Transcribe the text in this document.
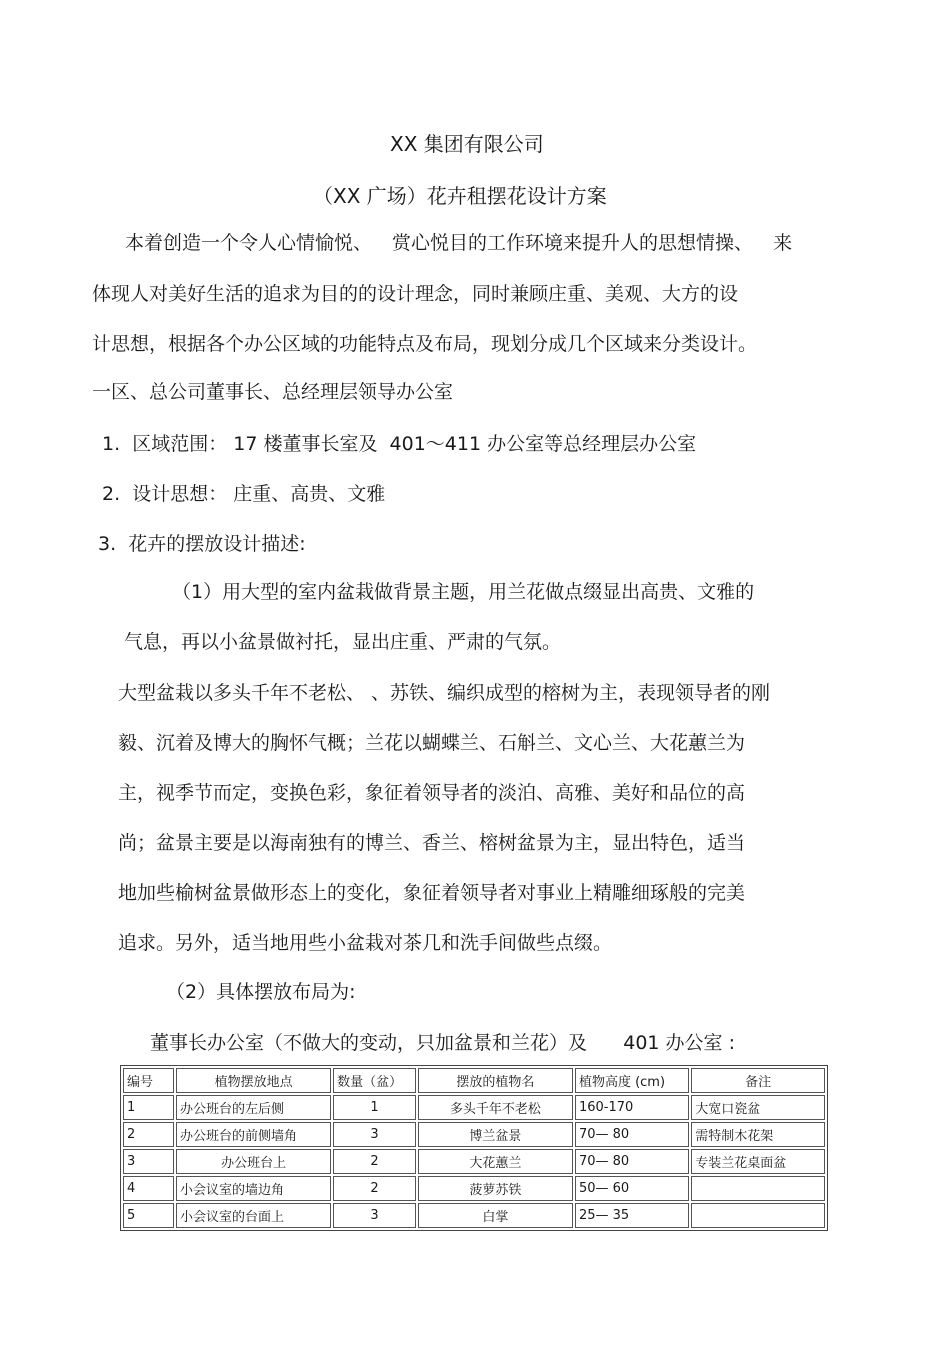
XX 集团有限公司
（XX 广场）花卉租摆花设计方案
本着创造一个令人心情愉悦、 赏心悦目的工作环境来提升人的思想情操、 来
体现人对美好生活的追求为目的的设计理念，同时兼顾庄重、美观、大方的设
计思想，根据各个办公区域的功能特点及布局，现划分成几个区域来分类设计。
一区、总公司董事长、总经理层领导办公室
1.  区域范围： 17 楼董事长室及  401～411 办公室等总经理层办公室
2.  设计思想： 庄重、高贵、文雅
3.  花卉的摆放设计描述:
（1）用大型的室内盆栽做背景主题，用兰花做点缀显出高贵、文雅的
气息，再以小盆景做衬托，显出庄重、严肃的气氛。
大型盆栽以多头千年不老松、 、苏铁、编织成型的榕树为主，表现领导者的刚
毅、沉着及博大的胸怀气概；兰花以蝴蝶兰、石斛兰、文心兰、大花蕙兰为
主，视季节而定，变换色彩，象征着领导者的淡泊、高雅、美好和品位的高
尚；盆景主要是以海南独有的博兰、香兰、榕树盆景为主，显出特色，适当
地加些榆树盆景做形态上的变化，象征着领导者对事业上精雕细琢般的完美
追求。另外，适当地用些小盆栽对茶几和洗手间做些点缀。
（2）具体摆放布局为:
董事长办公室（不做大的变动，只加盆景和兰花）及      401 办公室 :
编号	植物摆放地点	数量（盆）	摆放的植物名	植物高度 (cm)	备注
1	办公班台的左后侧	1	多头千年不老松	160-170	大宽口瓷盆
2	办公班台的前侧墙角	3	博兰盆景	70— 80	需特制木花架
3	办公班台上	2	大花蕙兰	70— 80	专装兰花桌面盆
4	小会议室的墙边角	2	菠萝苏铁	50— 60	
5	小会议室的台面上	3	白掌	25— 35	
